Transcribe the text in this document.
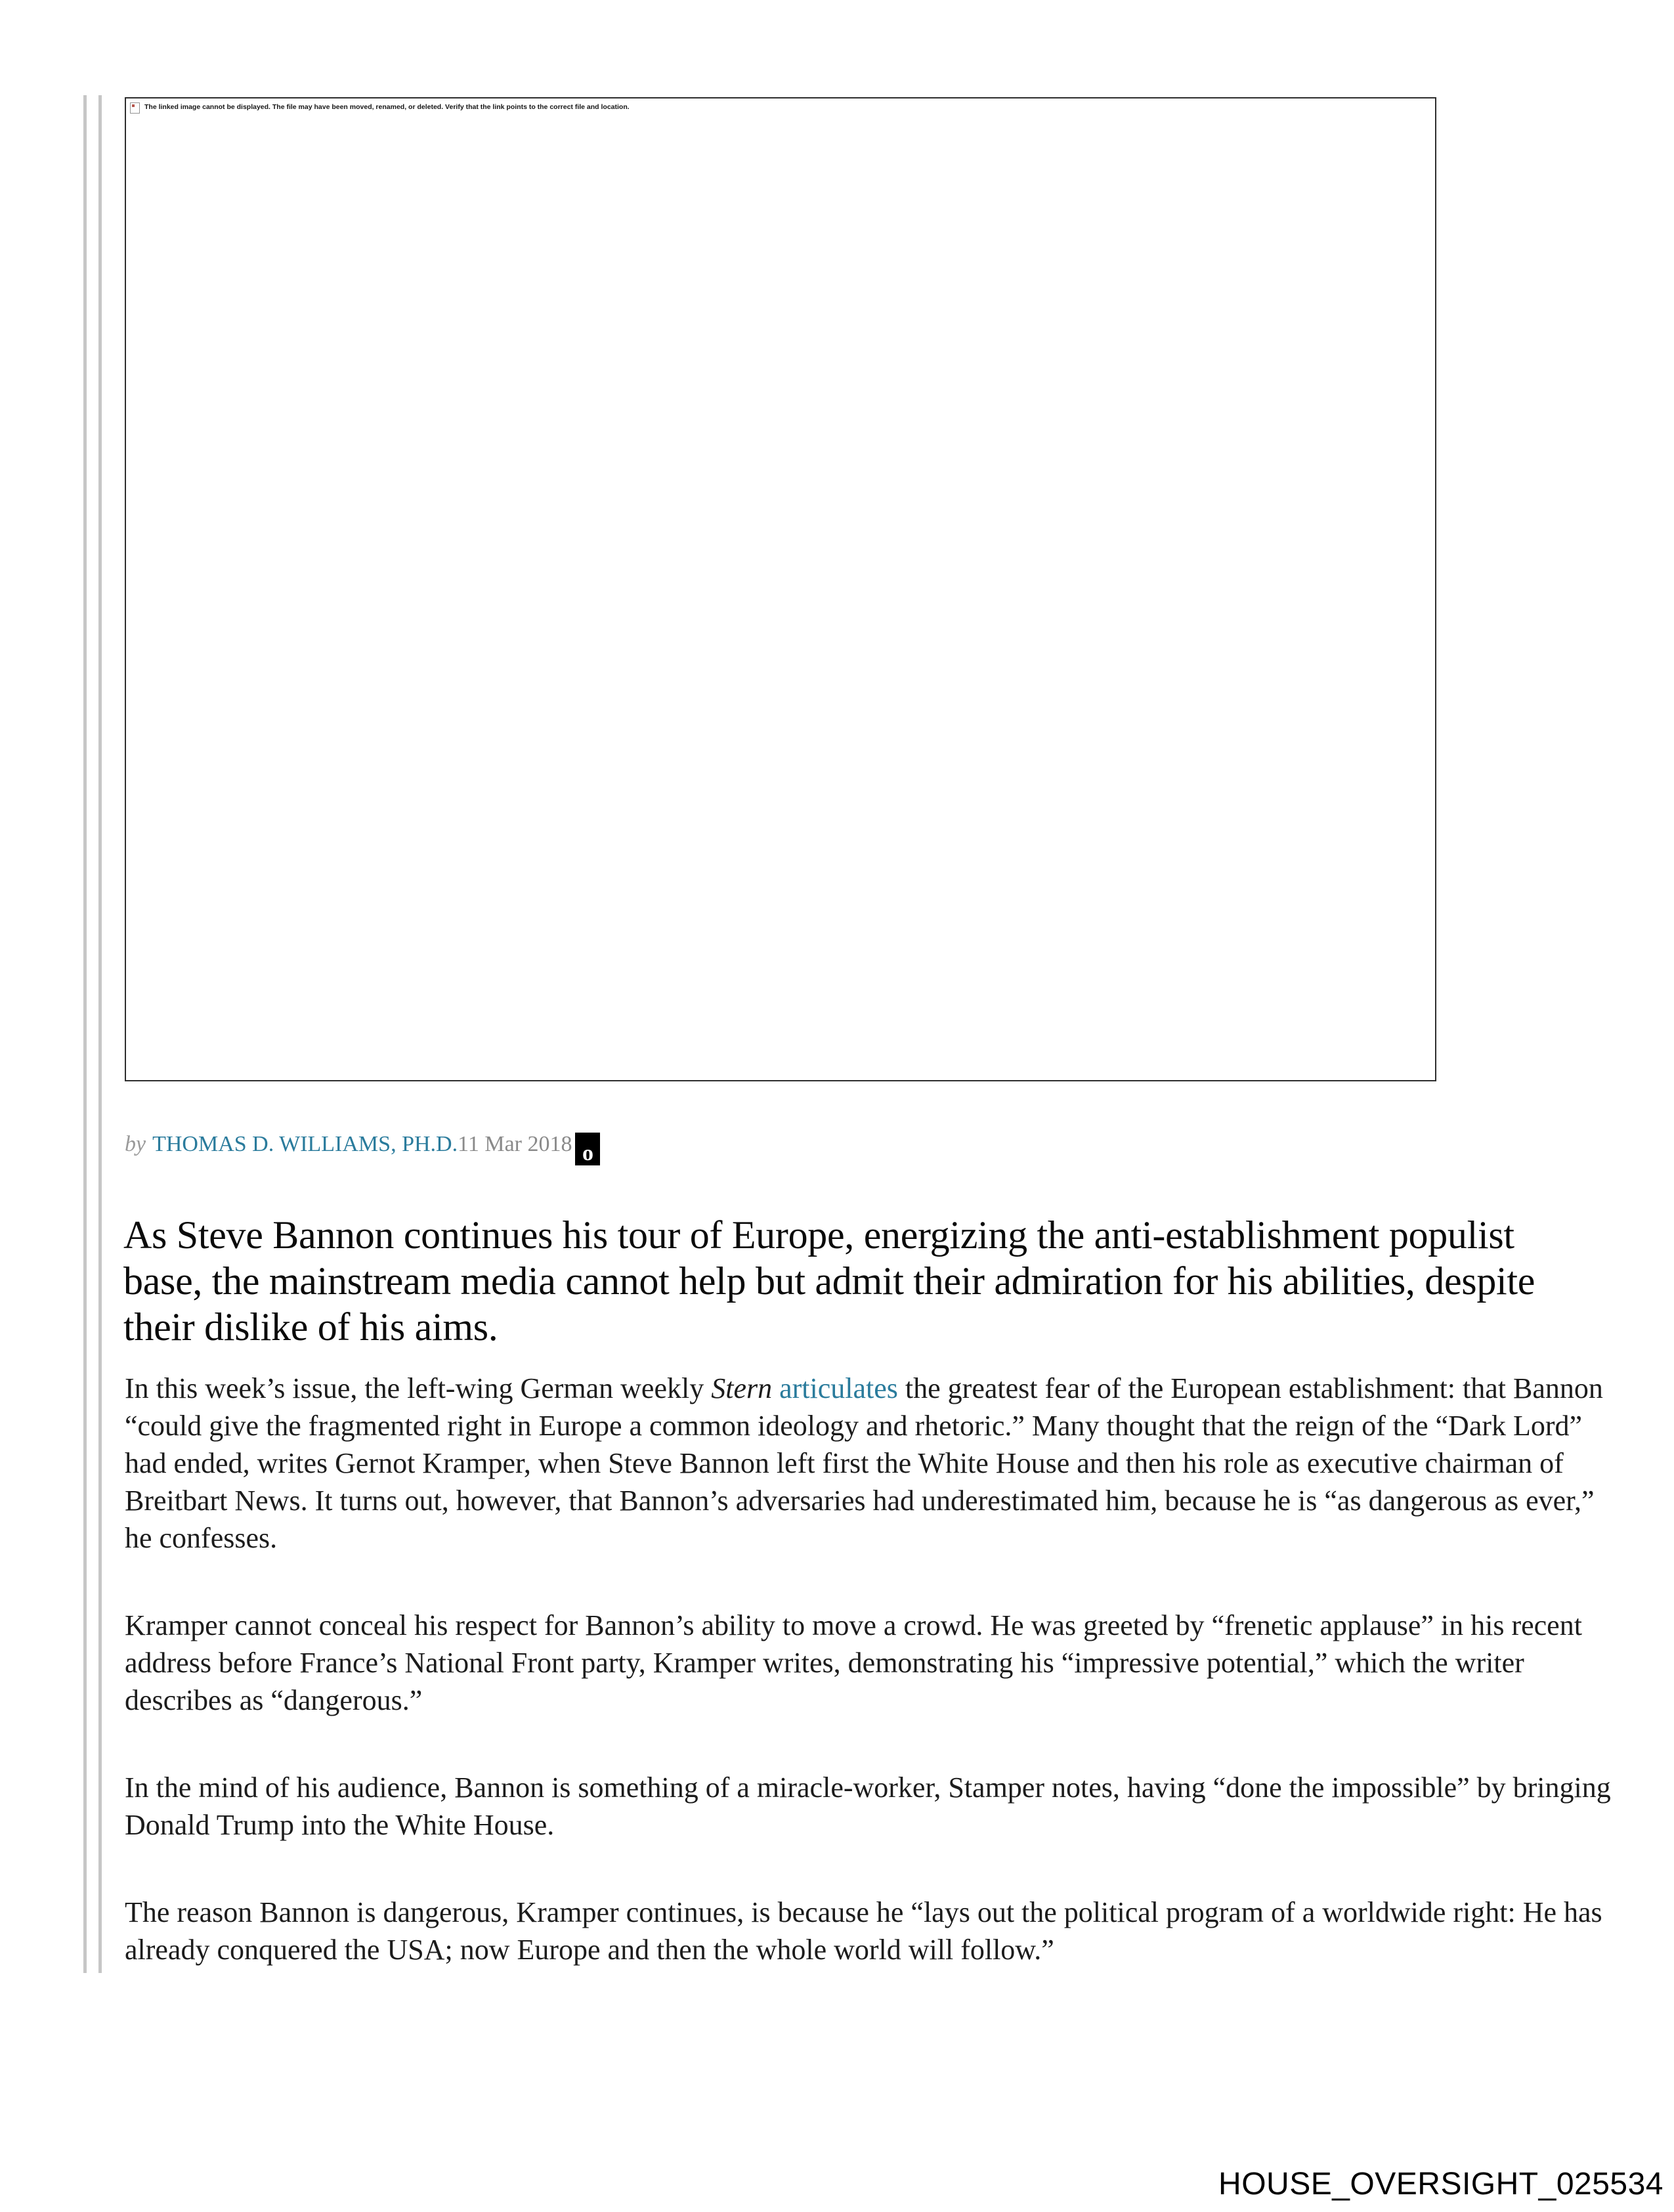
The linked image cannot be displayed. The file may have been moved, renamed, or deleted. Verify that the link points to the correct file and location.
by THOMAS D. WILLIAMS, PH.D.11 Mar 2018 o
As Steve Bannon continues his tour of Europe, energizing the anti-establishment populist base, the mainstream media cannot help but admit their admiration for his abilities, despite their dislike of his aims.

In this week’s issue, the left-wing German weekly Stern articulates the greatest fear of the European establishment: that Bannon “could give the fragmented right in Europe a common ideology and rhetoric.” Many thought that the reign of the “Dark Lord” had ended, writes Gernot Kramper, when Steve Bannon left first the White House and then his role as executive chairman of Breitbart News. It turns out, however, that Bannon’s adversaries had underestimated him, because he is “as dangerous as ever,” he confesses.

Kramper cannot conceal his respect for Bannon’s ability to move a crowd. He was greeted by “frenetic applause” in his recent address before France’s National Front party, Kramper writes, demonstrating his “impressive potential,” which the writer describes as “dangerous.”

In the mind of his audience, Bannon is something of a miracle-worker, Stamper notes, having “done the impossible” by bringing Donald Trump into the White House.

The reason Bannon is dangerous, Kramper continues, is because he “lays out the political program of a worldwide right: He has already conquered the USA; now Europe and then the whole world will follow.”

HOUSE_OVERSIGHT_025534
